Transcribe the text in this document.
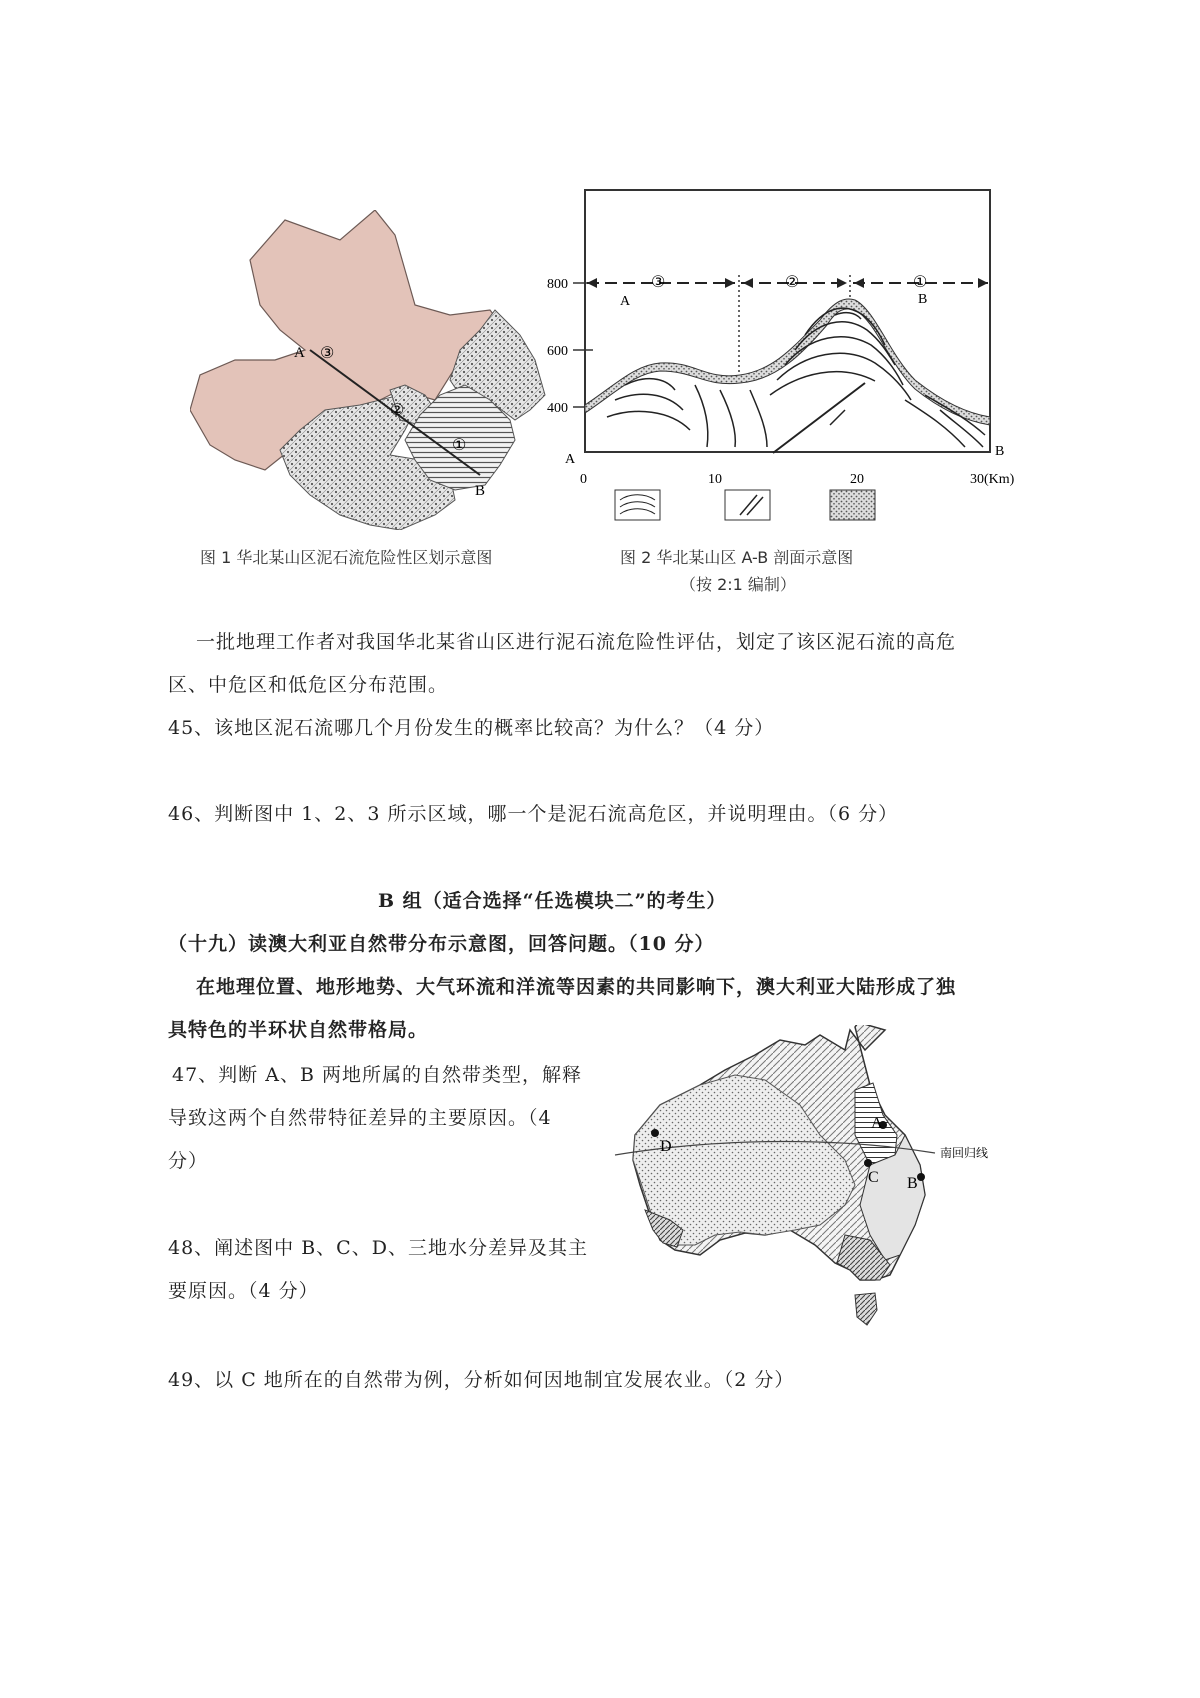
A
B
③
②
①
图 1 华北某山区泥石流危险性区划示意图
800
600
400
0	10	20	30(Km)
③	②	①
A	B
A
B
图 2 华北某山区 A-B 剖面示意图
（按 2:1 编制）
一批地理工作者对我国华北某省山区进行泥石流危险性评估，划定了该区泥石流的高危
区、中危区和低危区分布范围。
45、该地区泥石流哪几个月份发生的概率比较高？为什么？（4 分）
46、判断图中 1、2、3 所示区域，哪一个是泥石流高危区，并说明理由。（6 分）
B 组（适合选择“任选模块二”的考生）
（十九）读澳大利亚自然带分布示意图，回答问题。（10 分）
在地理位置、地形地势、大气环流和洋流等因素的共同影响下，澳大利亚大陆形成了独
具特色的半环状自然带格局。
47、判断 A、B 两地所属的自然带类型，解释
导致这两个自然带特征差异的主要原因。（4
分）
48、阐述图中 B、C、D、三地水分差异及其主
要原因。（4 分）
49、以 C 地所在的自然带为例，分析如何因地制宜发展农业。（2 分）
南回归线
D
A
C B
